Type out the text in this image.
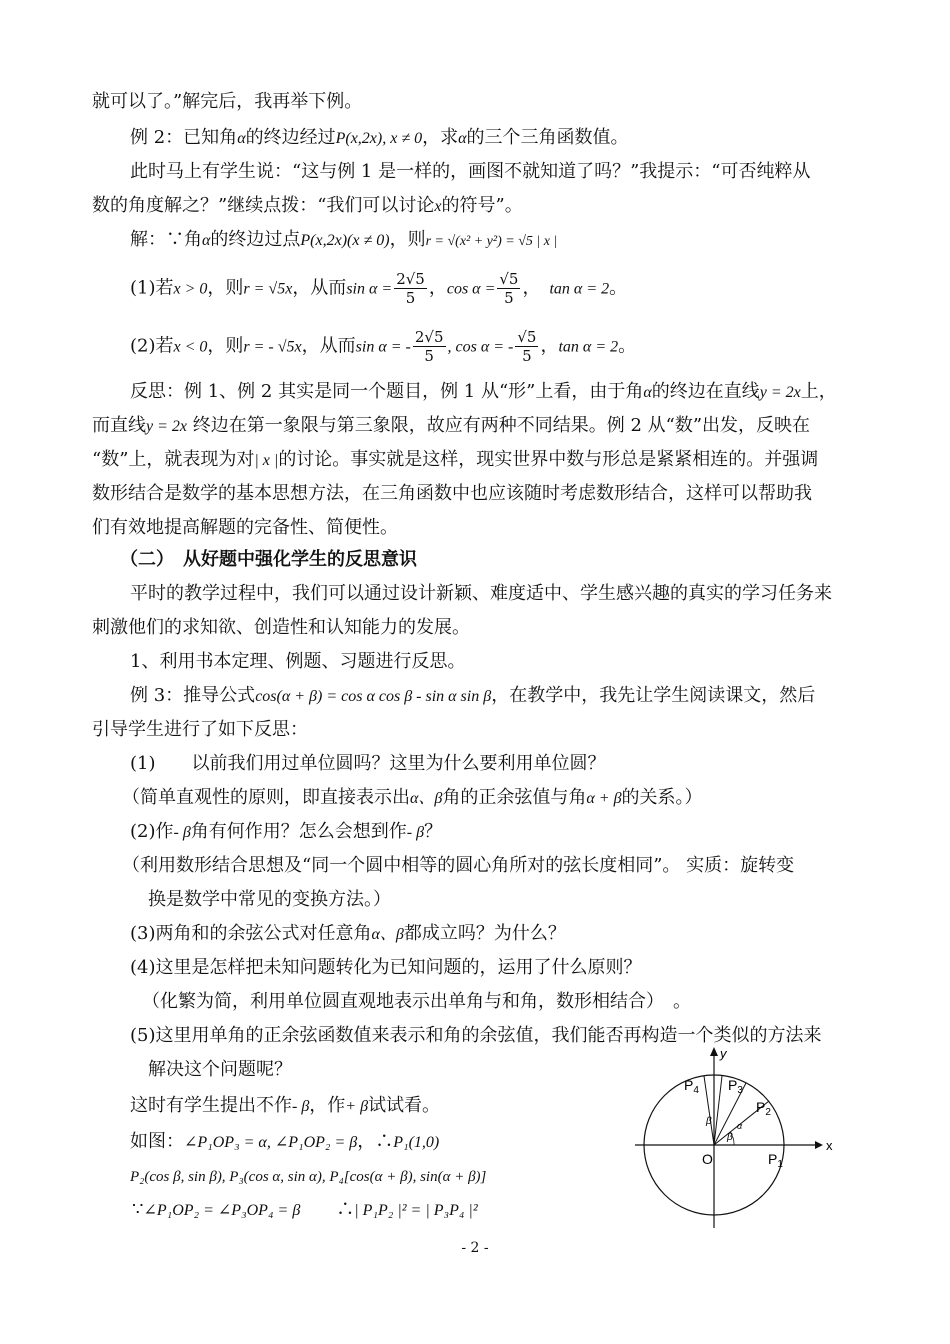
就可以了。”解完后，我再举下例。
例 2：已知角α的终边经过P(x,2x), x ≠ 0，求α的三个三角函数值。
此时马上有学生说：“这与例 1 是一样的，画图不就知道了吗？”我提示：“可否纯粹从
数的角度解之？”继续点拨：“我们可以讨论x的符号”。
解：∵角α的终边过点P(x,2x)(x ≠ 0)，则r = √(x² + y²) = √5 | x |
(1)若x > 0，则r = √5x，从而$\sin \alpha = \frac{2√5}{5}$ ，$\cos \alpha = \frac{√5}{5}$ ，　 tan α = 2。
(2)若x < 0，则r = - √5x，从而sin α = - $\frac{2√5}{5}$ , cos α = - $\frac{√5}{5}$ ，tan α = 2。
反思：例 1、例 2 其实是同一个题目，例 1 从“形”上看，由于角α的终边在直线y = 2x上，
而直线y = 2x 终边在第一象限与第三象限，故应有两种不同结果。例 2 从“数”出发，反映在
“数”上，就表现为对| x |的讨论。事实就是这样，现实世界中数与形总是紧紧相连的。并强调
数形结合是数学的基本思想方法，在三角函数中也应该随时考虑数形结合，这样可以帮助我
们有效地提高解题的完备性、简便性。
（二）　从好题中强化学生的反思意识
平时的教学过程中，我们可以通过设计新颖、难度适中、学生感兴趣的真实的学习任务来
刺激他们的求知欲、创造性和认知能力的发展。
1、利用书本定理、例题、习题进行反思。
例 3：推导公式cos(α + β) = cos α cos β - sin α sin β，在教学中，我先让学生阅读课文，然后
引导学生进行了如下反思：
(1)　　以前我们用过单位圆吗？这里为什么要利用单位圆？
（简单直观性的原则，即直接表示出α、β角的正余弦值与角α + β的关系。）
(2)作- β角有何作用？怎么会想到作- β？
（利用数形结合思想及“同一个圆中相等的圆心角所对的弦长度相同”。 实质：旋转变
换是数学中常见的变换方法。）
(3)两角和的余弦公式对任意角α、β都成立吗？为什么？
(4)这里是怎样把未知问题转化为已知问题的，运用了什么原则？
（化繁为简，利用单位圆直观地表示出单角与和角，数形相结合）　。
(5)这里用单角的正余弦函数值来表示和角的余弦值，我们能否再构造一个类似的方法来
解决这个问题呢？
这时有学生提出不作- β，作+ β试试看。
如图：∠P₁OP₃ = α, ∠P₁OP₂ = β，∴P₁(1,0)
P₂(cos β, sin β), P₃(cos α, sin α), P₄[cos(α + β), sin(α + β)]
∵∠P₁OP₂ = ∠P₃OP₄ = β　　 ∴| P₁P₂ |² = | P₃P₄ |²
y
x
O
α
β
β
$P_4$ $P_3$
$P_2$
$P_1$
- 2 -
